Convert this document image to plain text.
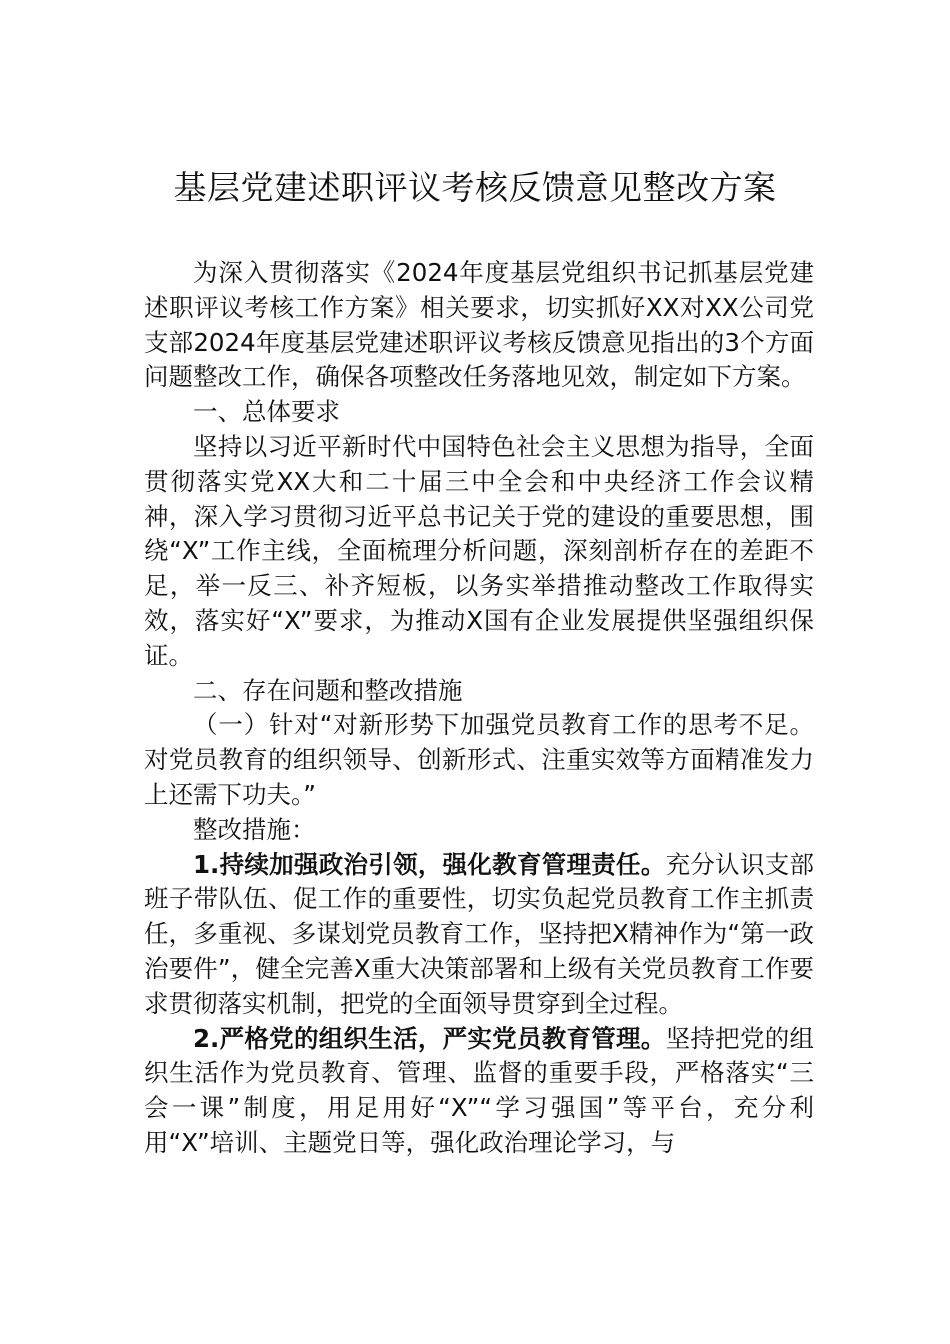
基层党建述职评议考核反馈意见整改方案

为深入贯彻落实《2024年度基层党组织书记抓基层党建述职评议考核工作方案》相关要求，切实抓好XX对XX公司党支部2024年度基层党建述职评议考核反馈意见指出的3个方面问题整改工作，确保各项整改任务落地见效，制定如下方案。

一、总体要求

坚持以习近平新时代中国特色社会主义思想为指导，全面贯彻落实党XX大和二十届三中全会和中央经济工作会议精神，深入学习贯彻习近平总书记关于党的建设的重要思想，围绕“X”工作主线，全面梳理分析问题，深刻剖析存在的差距不足，举一反三、补齐短板，以务实举措推动整改工作取得实效，落实好“X”要求，为推动X国有企业发展提供坚强组织保证。

二、存在问题和整改措施

（一）针对“对新形势下加强党员教育工作的思考不足。对党员教育的组织领导、创新形式、注重实效等方面精准发力上还需下功夫。”

整改措施：

1.持续加强政治引领，强化教育管理责任。充分认识支部班子带队伍、促工作的重要性，切实负起党员教育工作主抓责任，多重视、多谋划党员教育工作，坚持把X精神作为“第一政治要件”，健全完善X重大决策部署和上级有关党员教育工作要求贯彻落实机制，把党的全面领导贯穿到全过程。

2.严格党的组织生活，严实党员教育管理。坚持把党的组织生活作为党员教育、管理、监督的重要手段，严格落实“三会一课”制度，用足用好“X”“学习强国”等平台，充分利用“X”培训、主题党日等，强化政治理论学习，与
